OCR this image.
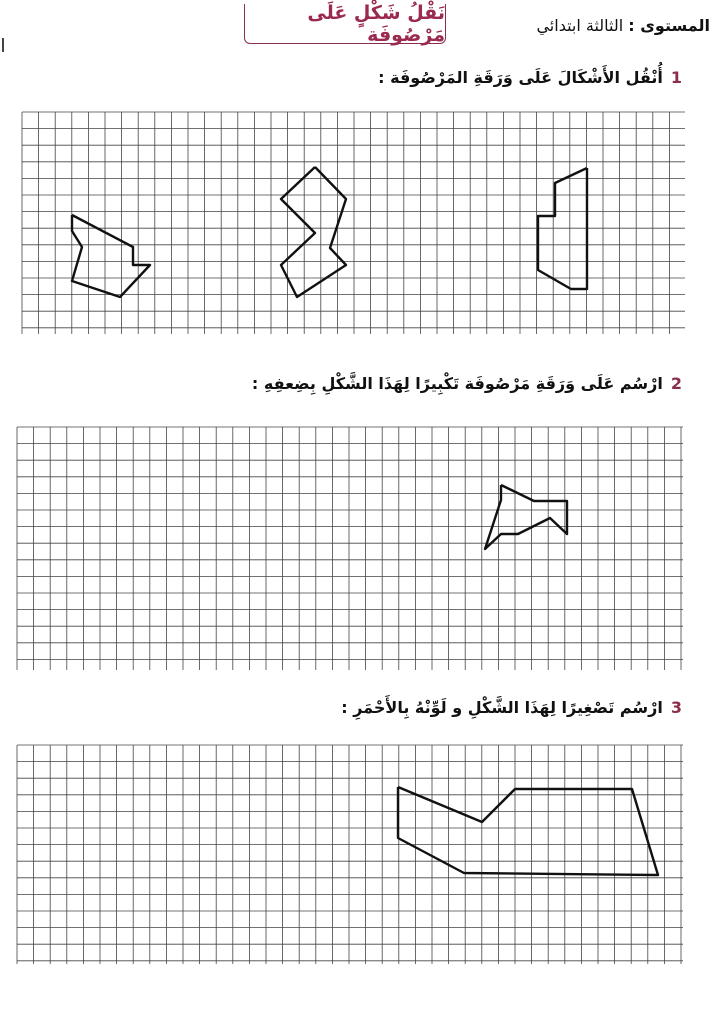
نَقْلُ شَكْلٍ عَلَى مَرْصُوفَة	المستوى : الثالثة ابتدائي
1أُنْقُل الأَشْكَالَ عَلَى وَرَقَةِ المَرْصُوفَة :
2ارْسُم عَلَى وَرَقَةِ مَرْصُوفَة تَكْبِيرًا لِهَذَا الشَّكْلِ بِضِعفِهِ :
3ارْسُم تَصْغِيرًا لِهَذَا الشَّكْلِ و لَوِّنْهُ بِالأَحْمَرِ :
